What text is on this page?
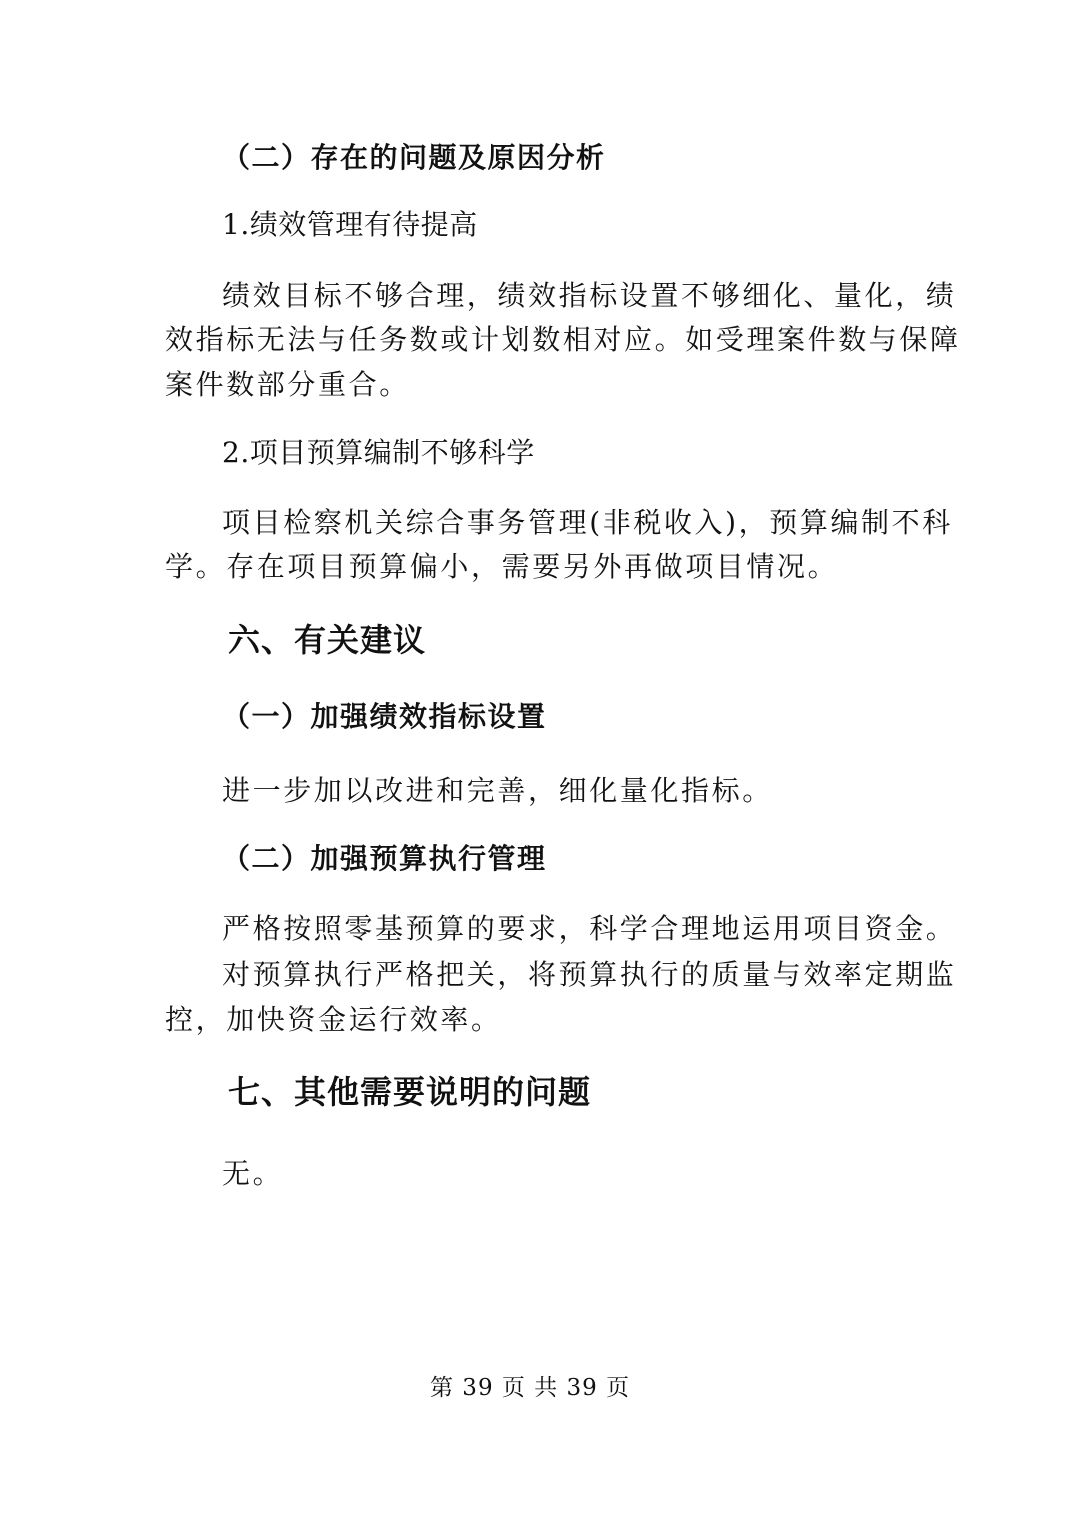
（二）存在的问题及原因分析
1.绩效管理有待提高
绩效目标不够合理，绩效指标设置不够细化、量化，绩
效指标无法与任务数或计划数相对应。如受理案件数与保障
案件数部分重合。
2.项目预算编制不够科学
项目检察机关综合事务管理(非税收入)，预算编制不科
学。存在项目预算偏小，需要另外再做项目情况。
六、有关建议
（一）加强绩效指标设置
进一步加以改进和完善，细化量化指标。
（二）加强预算执行管理
严格按照零基预算的要求，科学合理地运用项目资金。
对预算执行严格把关，将预算执行的质量与效率定期监
控，加快资金运行效率。
七、其他需要说明的问题
无。
第 39 页 共 39 页
